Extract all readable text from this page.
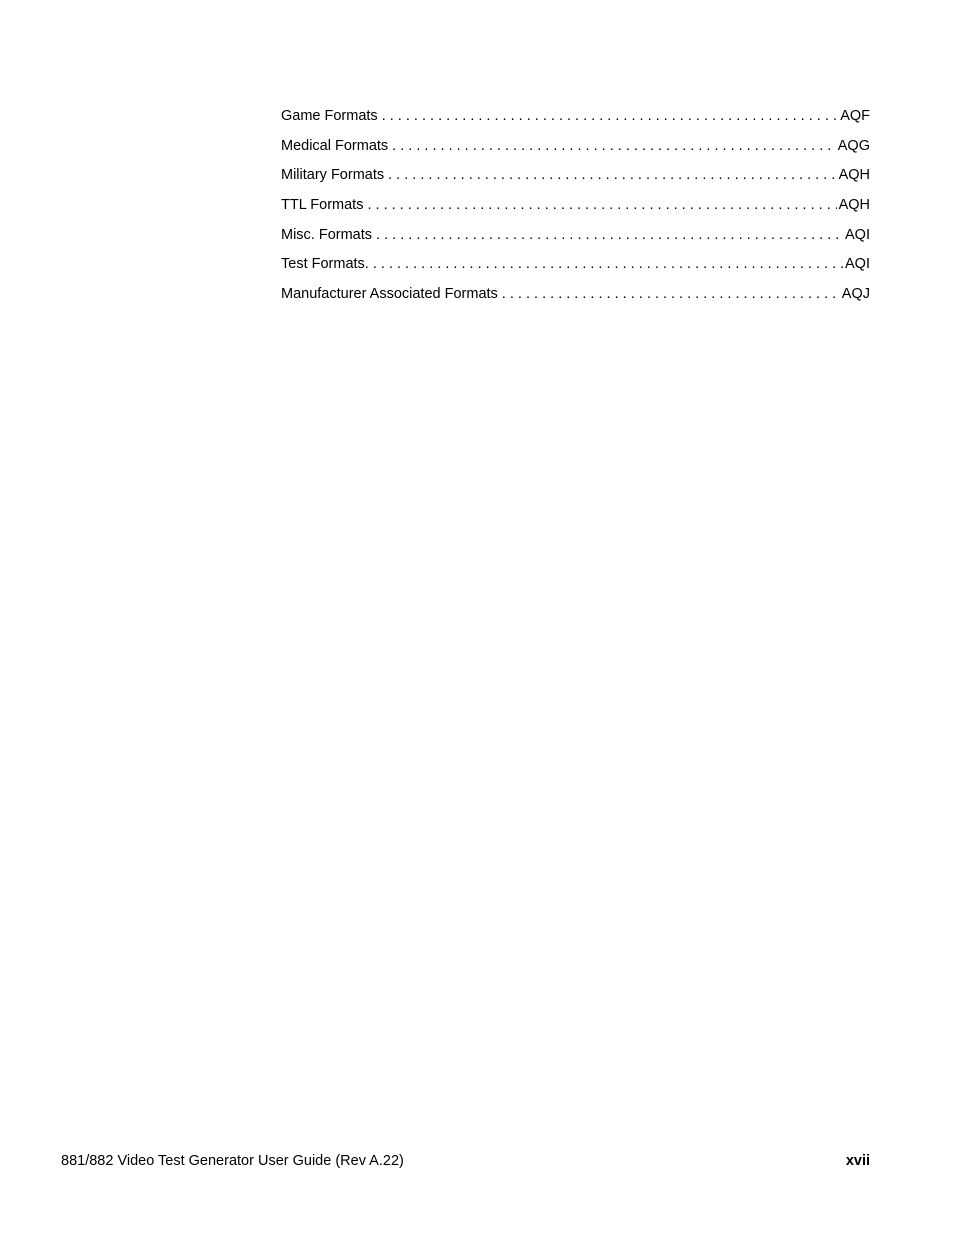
Game Formats . . .	AQF
Medical Formats . . .	AQG
Military Formats . . .	AQH
TTL Formats . . .	AQH
Misc. Formats . . .	AQI
Test Formats. . . .	AQI
Manufacturer Associated Formats . . .	AQJ
881/882 Video Test Generator User Guide (Rev A.22)	xvii
